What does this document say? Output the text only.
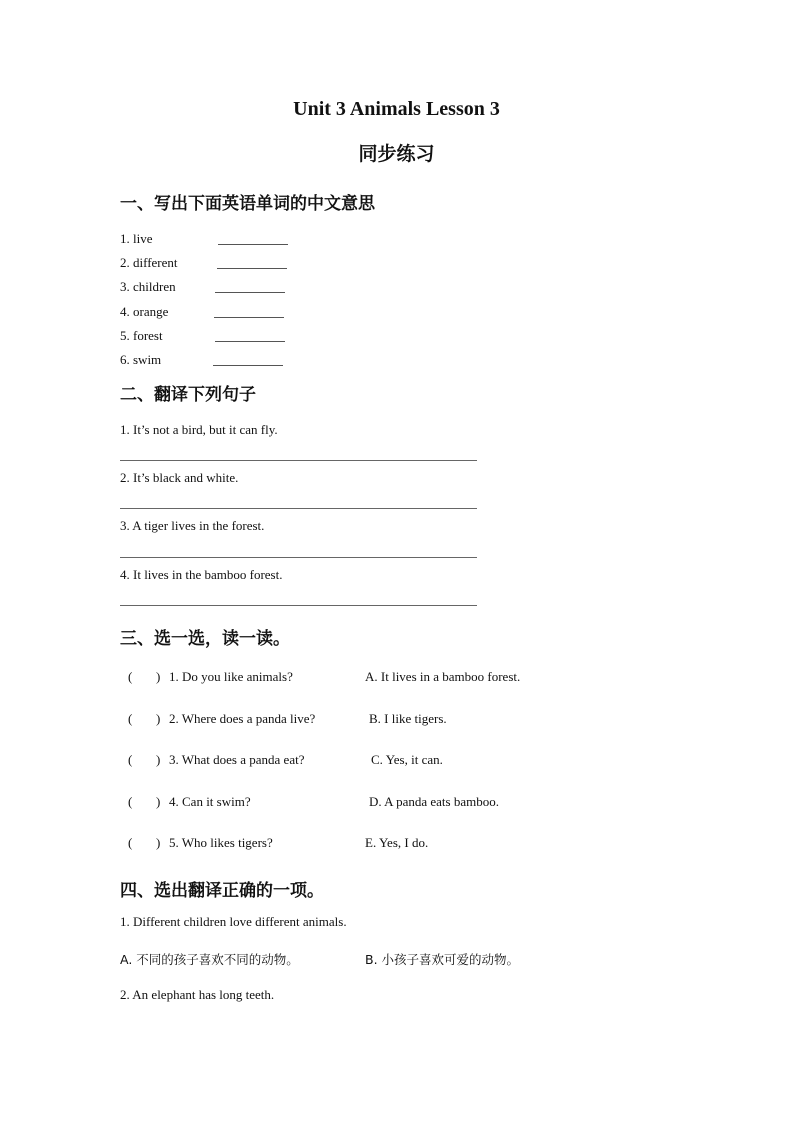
Unit 3 Animals Lesson 3
同步练习
一、写出下面英语单词的中文意思
1. live
2. different
3. children
4. orange
5. forest
6. swim
二、翻译下列句子
1. It’s not a bird, but it can fly.
2. It’s black and white.
3. A tiger lives in the forest.
4. It lives in the bamboo forest.
三、选一选，读一读。
( ) 1. Do you like animals?	A. It lives in a bamboo forest.
( ) 2. Where does a panda live?	B. I like tigers.
( ) 3. What does a panda eat?	C. Yes, it can.
( ) 4. Can it swim?	D. A panda eats bamboo.
( ) 5. Who likes tigers?	E. Yes, I do.
四、选出翻译正确的一项。
1. Different children love different animals.
A. 不同的孩子喜欢不同的动物。	B. 小孩子喜欢可爱的动物。
2. An elephant has long teeth.
